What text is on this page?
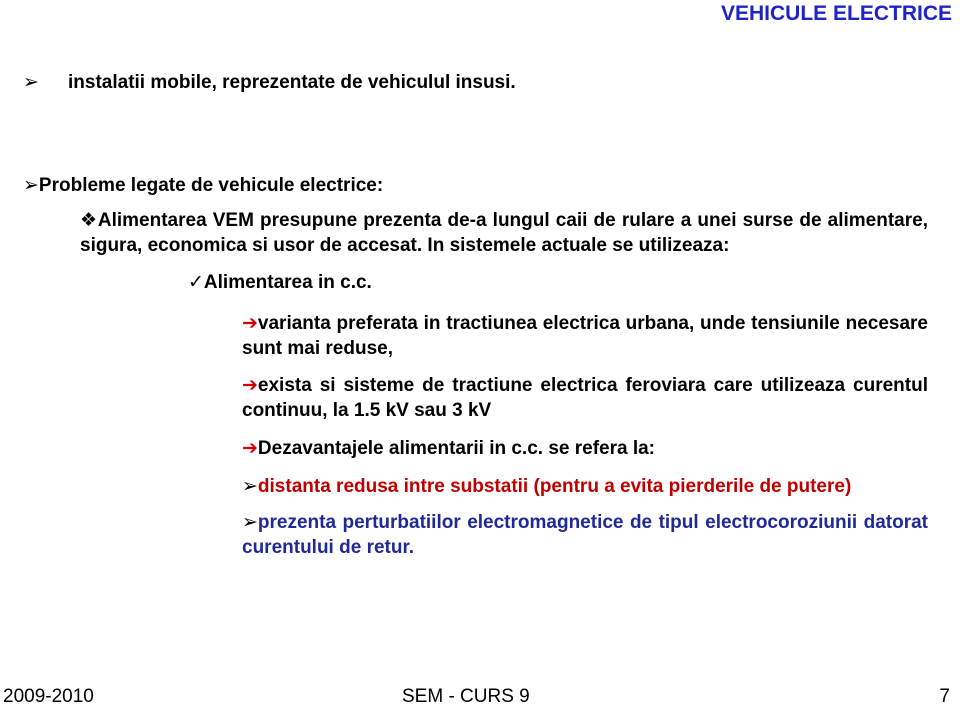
VEHICULE ELECTRICE
➢ instalatii mobile, reprezentate de vehiculul insusi.
➢Probleme legate de vehicule electrice:
❖Alimentarea VEM presupune prezenta de-a lungul caii de rulare a unei surse de alimentare, sigura, economica si usor de accesat. In sistemele actuale se utilizeaza:
✓Alimentarea in c.c.
➔varianta preferata in tractiunea electrica urbana, unde tensiunile necesare sunt mai reduse,
➔exista si sisteme de tractiune electrica feroviara care utilizeaza curentul continuu, la 1.5 kV sau 3 kV
➔Dezavantajele alimentarii in c.c. se refera la:
➢distanta redusa intre substatii (pentru a evita pierderile de putere)
➢prezenta perturbatiilor electromagnetice de tipul electrocoroziunii datorat curentului de retur.
2009-2010	SEM - CURS 9	7
